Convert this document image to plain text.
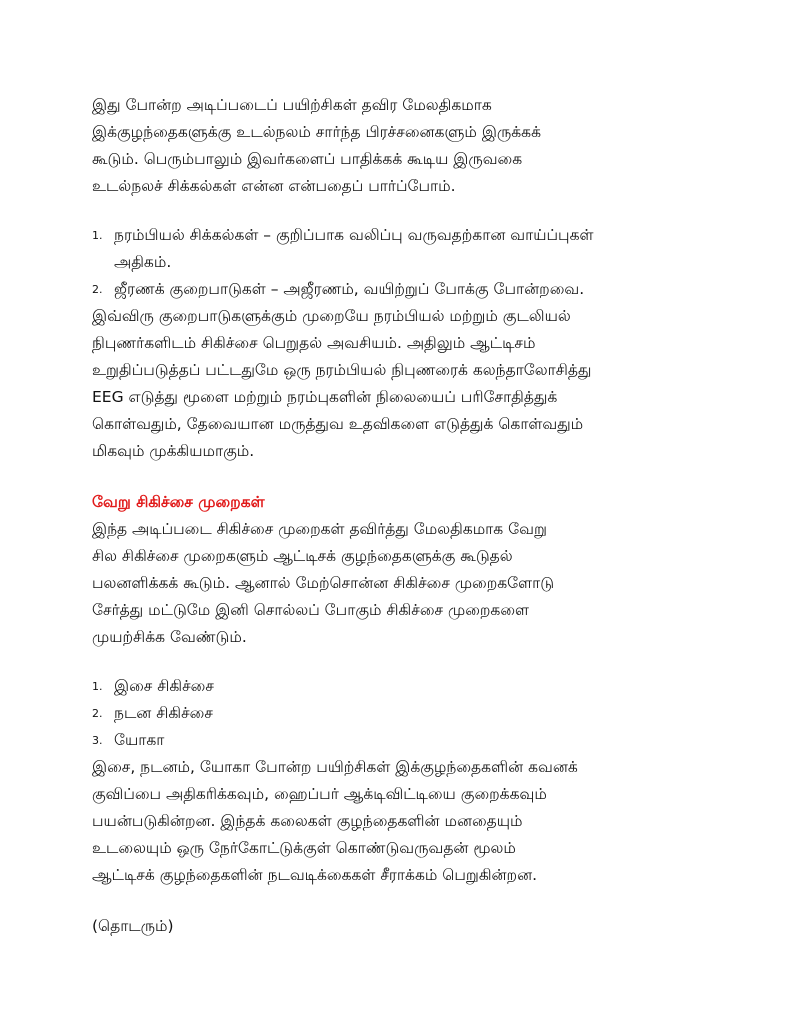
இது போன்ற அடிப்படைப் பயிற்சிகள் தவிர மேலதிகமாக
இக்குழந்தைகளுக்கு உடல்நலம் சார்ந்த பிரச்சனைகளும் இருக்கக்
கூடும். பெரும்பாலும் இவர்களைப் பாதிக்கக் கூடிய இருவகை
உடல்நலச் சிக்கல்கள் என்ன என்பதைப் பார்ப்போம்.

1. நரம்பியல் சிக்கல்கள் – குறிப்பாக வலிப்பு வருவதற்கான வாய்ப்புகள்
அதிகம்.
2. ஜீரணக் குறைபாடுகள் – அஜீரணம், வயிற்றுப் போக்கு போன்றவை.

இவ்விரு குறைபாடுகளுக்கும் முறையே நரம்பியல் மற்றும் குடலியல்
நிபுணர்களிடம் சிகிச்சை பெறுதல் அவசியம். அதிலும் ஆட்டிசம்
உறுதிப்படுத்தப் பட்டதுமே ஒரு நரம்பியல் நிபுணரைக் கலந்தாலோசித்து
EEG எடுத்து மூளை மற்றும் நரம்புகளின் நிலையைப் பரிசோதித்துக்
கொள்வதும், தேவையான மருத்துவ உதவிகளை எடுத்துக் கொள்வதும்
மிகவும் முக்கியமாகும்.

வேறு சிகிச்சை முறைகள்

இந்த அடிப்படை சிகிச்சை முறைகள் தவிர்த்து மேலதிகமாக வேறு
சில சிகிச்சை முறைகளும் ஆட்டிசக் குழந்தைகளுக்கு கூடுதல்
பலனளிக்கக் கூடும். ஆனால் மேற்சொன்ன சிகிச்சை முறைகளோடு
சேர்த்து மட்டுமே இனி சொல்லப் போகும் சிகிச்சை முறைகளை
முயற்சிக்க வேண்டும்.

1. இசை சிகிச்சை
2. நடன சிகிச்சை
3. யோகா

இசை, நடனம், யோகா போன்ற பயிற்சிகள் இக்குழந்தைகளின் கவனக்
குவிப்பை அதிகரிக்கவும், ஹைப்பர் ஆக்டிவிட்டியை குறைக்கவும்
பயன்படுகின்றன. இந்தக் கலைகள் குழந்தைகளின் மனதையும்
உடலையும் ஒரு நேர்கோட்டுக்குள் கொண்டுவருவதன் மூலம்
ஆட்டிசக் குழந்தைகளின் நடவடிக்கைகள் சீராக்கம் பெறுகின்றன.

(தொடரும்)
